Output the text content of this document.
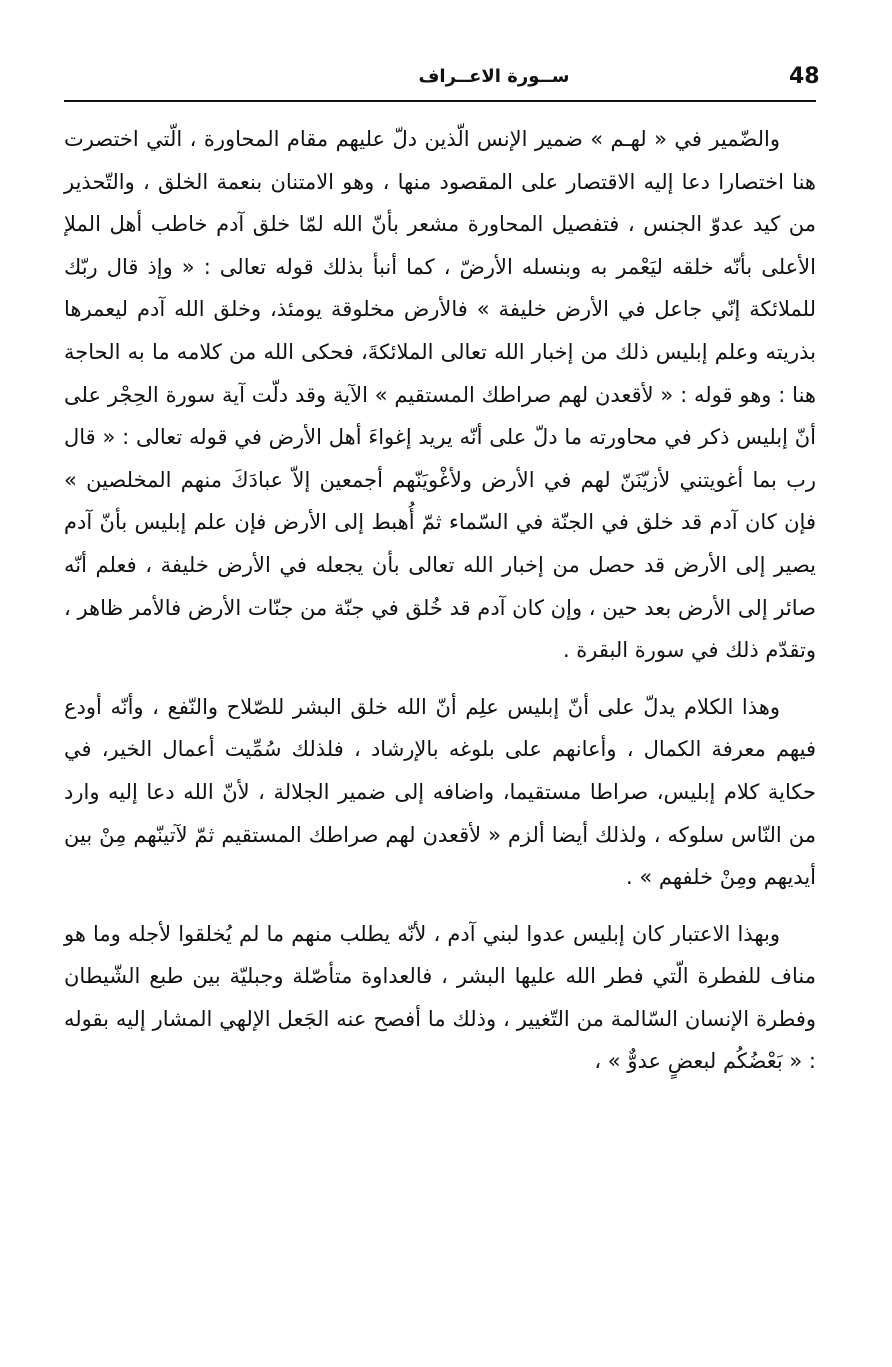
48
ســورة الاعــراف

والضّمير في « لهـم » ضمير الإنس الّذين دلّ عليهم مقام المحاورة ، الّتي اختصرت هنا اختصارا دعا إليه الاقتصار على المقصود منها ، وهو الامتنان بنعمة الخلق ، والتّحذير من كيد عدوّ الجنس ، فتفصيل المحاورة مشعر بأنّ الله لمّا خلق آدم خاطب أهل الملإ الأعلى بأنّه خلقه ليَعْمر به وبنسله الأرضّ ، كما أنبأ بذلك قوله تعالى : « وإذ قال ربّك للملائكة إنّي جاعل في الأرض خليفة » فالأرض مخلوقة يومئذ، وخلق الله آدم ليعمرها بذريته وعلم إبليس ذلك من إخبار الله تعالى الملائكةَ، فحكى الله من كلامه ما به الحاجة هنا : وهو قوله : « لأقعدن لهم صراطك المستقيم » الآية وقد دلّت آية سورة الحِجْر على أنّ إبليس ذكر في محاورته ما دلّ على أنّه يريد إغواءَ أهل الأرض في قوله تعالى : « قال رب بما أغويتني لأزيّنَنّ لهم في الأرض ولأغْويَنّهم أجمعين إلاّ عبادَكَ منهم المخلصين » فإن كان آدم قد خلق في الجنّة في السّماء ثمّ أُهبط إلى الأرض فإن علم إبليس بأنّ آدم يصير إلى الأرض قد حصل من إخبار الله تعالى بأن يجعله في الأرض خليفة ، فعلم أنّه صائر إلى الأرض بعد حين ، وإن كان آدم قد خُلق في جنّة من جنّات الأرض فالأمر ظاهر ، وتقدّم ذلك في سورة البقرة .

وهذا الكلام يدلّ على أنّ إبليس علِم أنّ الله خلق البشر للصّلاح والنّفع ، وأنّه أودع فيهم معرفة الكمال ، وأعانهم على بلوغه بالإرشاد ، فلذلك سُمِّيت أعمال الخير، في حكاية كلام إبليس، صراطا مستقيما، واضافه إلى ضمير الجلالة ، لأنّ الله دعا إليه وارد من النّاس سلوكه ، ولذلك أيضا ألزم « لأقعدن لهم صراطك المستقيم ثمّ لآتينّهم مِنْ بين أيديهم ومِنْ خلفهم » .

وبهذا الاعتبار كان إبليس عدوا لبني آدم ، لأنّه يطلب منهم ما لم يُخلقوا لأجله وما هو مناف للفطرة الّتي فطر الله عليها البشر ، فالعداوة متأصّلة وجبليّة بين طبع الشّيطان وفطرة الإنسان السّالمة من التّغيير ، وذلك ما أفصح عنه الجَعل الإلهي المشار إليه بقوله : « بَعْضُكُم لبعضٍ عدوٌّ » ،
